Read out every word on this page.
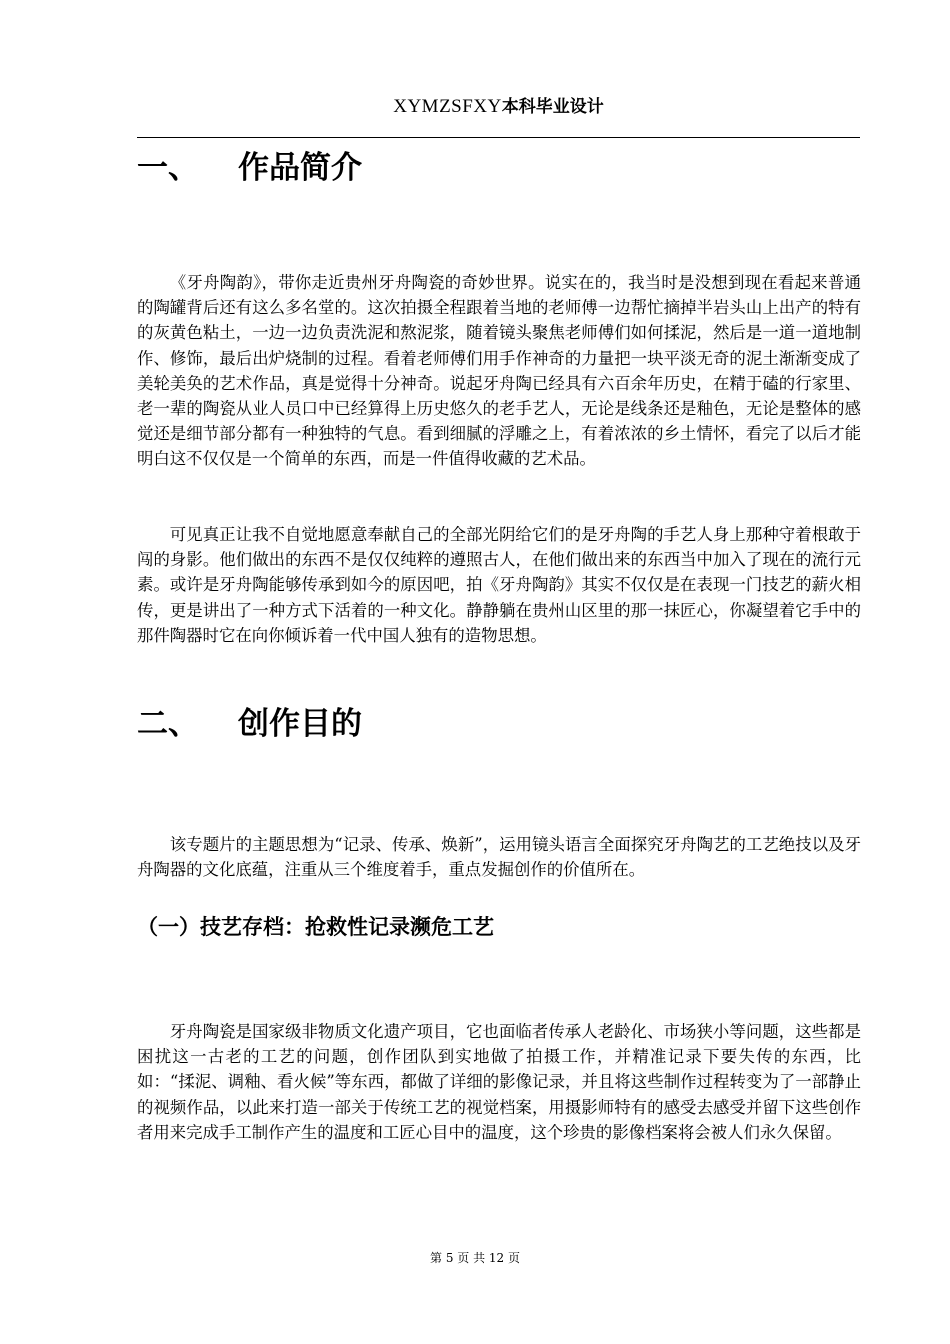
XYMZSFXY本科毕业设计
一、 作品简介

《牙舟陶韵》，带你走近贵州牙舟陶瓷的奇妙世界。说实在的，我当时是没想到现在看起来普通的陶罐背后还有这么多名堂的。这次拍摄全程跟着当地的老师傅一边帮忙摘掉半岩头山上出产的特有的灰黄色粘土，一边一边负责洗泥和熬泥浆，随着镜头聚焦老师傅们如何揉泥，然后是一道一道地制作、修饰，最后出炉烧制的过程。看着老师傅们用手作神奇的力量把一块平淡无奇的泥土渐渐变成了美轮美奂的艺术作品，真是觉得十分神奇。说起牙舟陶已经具有六百余年历史，在精于磕的行家里、老一辈的陶瓷从业人员口中已经算得上历史悠久的老手艺人，无论是线条还是釉色，无论是整体的感觉还是细节部分都有一种独特的气息。看到细腻的浮雕之上，有着浓浓的乡土情怀，看完了以后才能明白这不仅仅是一个简单的东西，而是一件值得收藏的艺术品。

可见真正让我不自觉地愿意奉献自己的全部光阴给它们的是牙舟陶的手艺人身上那种守着根敢于闯的身影。他们做出的东西不是仅仅纯粹的遵照古人，在他们做出来的东西当中加入了现在的流行元素。或许是牙舟陶能够传承到如今的原因吧，拍《牙舟陶韵》其实不仅仅是在表现一门技艺的薪火相传，更是讲出了一种方式下活着的一种文化。静静躺在贵州山区里的那一抹匠心，你凝望着它手中的那件陶器时它在向你倾诉着一代中国人独有的造物思想。

二、 创作目的

该专题片的主题思想为“记录、传承、焕新”，运用镜头语言全面探究牙舟陶艺的工艺绝技以及牙舟陶器的文化底蕴，注重从三个维度着手，重点发掘创作的价值所在。

（一）技艺存档：抢救性记录濒危工艺

牙舟陶瓷是国家级非物质文化遗产项目，它也面临者传承人老龄化、市场狭小等问题，这些都是困扰这一古老的工艺的问题，创作团队到实地做了拍摄工作，并精准记录下要失传的东西，比如：“揉泥、调釉、看火候”等东西，都做了详细的影像记录，并且将这些制作过程转变为了一部静止的视频作品，以此来打造一部关于传统工艺的视觉档案，用摄影师特有的感受去感受并留下这些创作者用来完成手工制作产生的温度和工匠心目中的温度，这个珍贵的影像档案将会被人们永久保留。

第 5 页 共 12 页
